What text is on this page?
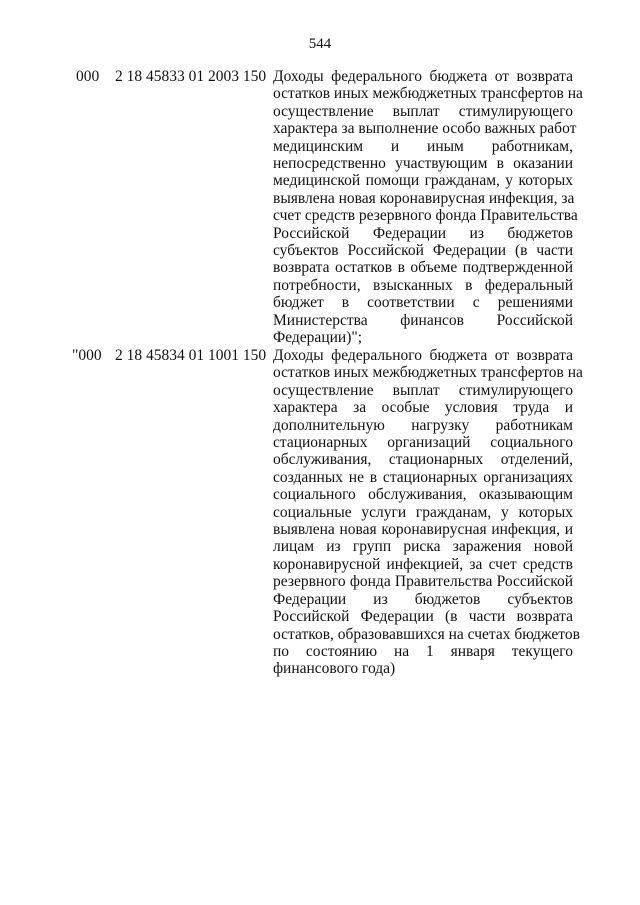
544
000 2 18 45833 01 2003 150 Доходы федерального бюджета от возврата
остатков иных межбюджетных трансфертов на
осуществление выплат стимулирующего
характера за выполнение особо важных работ
медицинским и иным работникам,
непосредственно участвующим в оказании
медицинской помощи гражданам, у которых
выявлена новая коронавирусная инфекция, за
счет средств резервного фонда Правительства
Российской Федерации из бюджетов
субъектов Российской Федерации (в части
возврата остатков в объеме подтвержденной
потребности, взысканных в федеральный
бюджет в соответствии с решениями
Министерства финансов Российской
Федерации)";
"000 2 18 45834 01 1001 150 Доходы федерального бюджета от возврата
остатков иных межбюджетных трансфертов на
осуществление выплат стимулирующего
характера за особые условия труда и
дополнительную нагрузку работникам
стационарных организаций социального
обслуживания, стационарных отделений,
созданных не в стационарных организациях
социального обслуживания, оказывающим
социальные услуги гражданам, у которых
выявлена новая коронавирусная инфекция, и
лицам из групп риска заражения новой
коронавирусной инфекцией, за счет средств
резервного фонда Правительства Российской
Федерации из бюджетов субъектов
Российской Федерации (в части возврата
остатков, образовавшихся на счетах бюджетов
по состоянию на 1 января текущего
финансового года)
